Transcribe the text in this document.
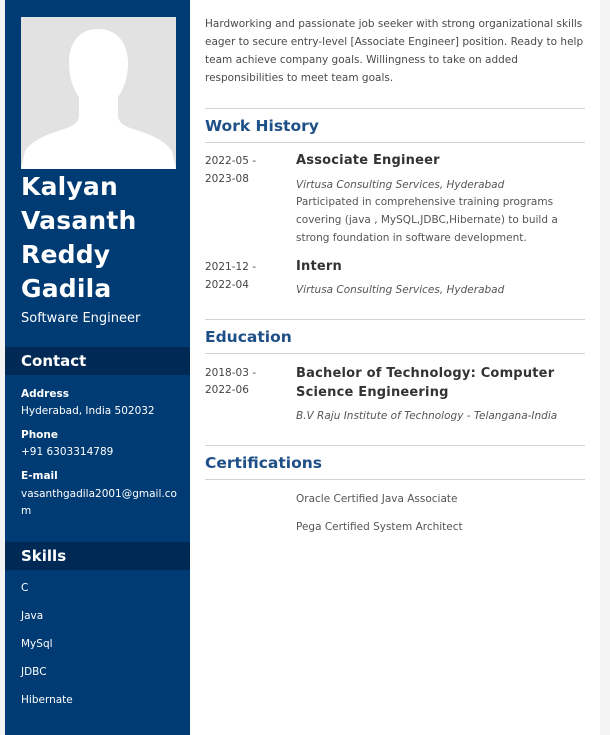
Kalyan
Vasanth
Reddy
Gadila
Software Engineer
Contact
Address
Hyderabad, India 502032
Phone
+91 6303314789
E-mail
vasanthgadila2001@gmail.com
Skills
C
Java
MySql
JDBC
Hibernate
Hardworking and passionate job seeker with strong organizational skills eager to secure entry-level [Associate Engineer] position. Ready to help team achieve company goals. Willingness to take on added responsibilities to meet team goals.
Work History
2022-05 -
2023-08
Associate Engineer
Virtusa Consulting Services, Hyderabad
Participated in comprehensive training programs covering (java , MySQL,JDBC,Hibernate) to build a strong foundation in software development.
2021-12 -
2022-04
Intern
Virtusa Consulting Services, Hyderabad
Education
2018-03 -
2022-06
Bachelor of Technology: Computer Science Engineering
B.V Raju Institute of Technology - Telangana-India
Certifications
Oracle Certified Java Associate
Pega Certified System Architect
